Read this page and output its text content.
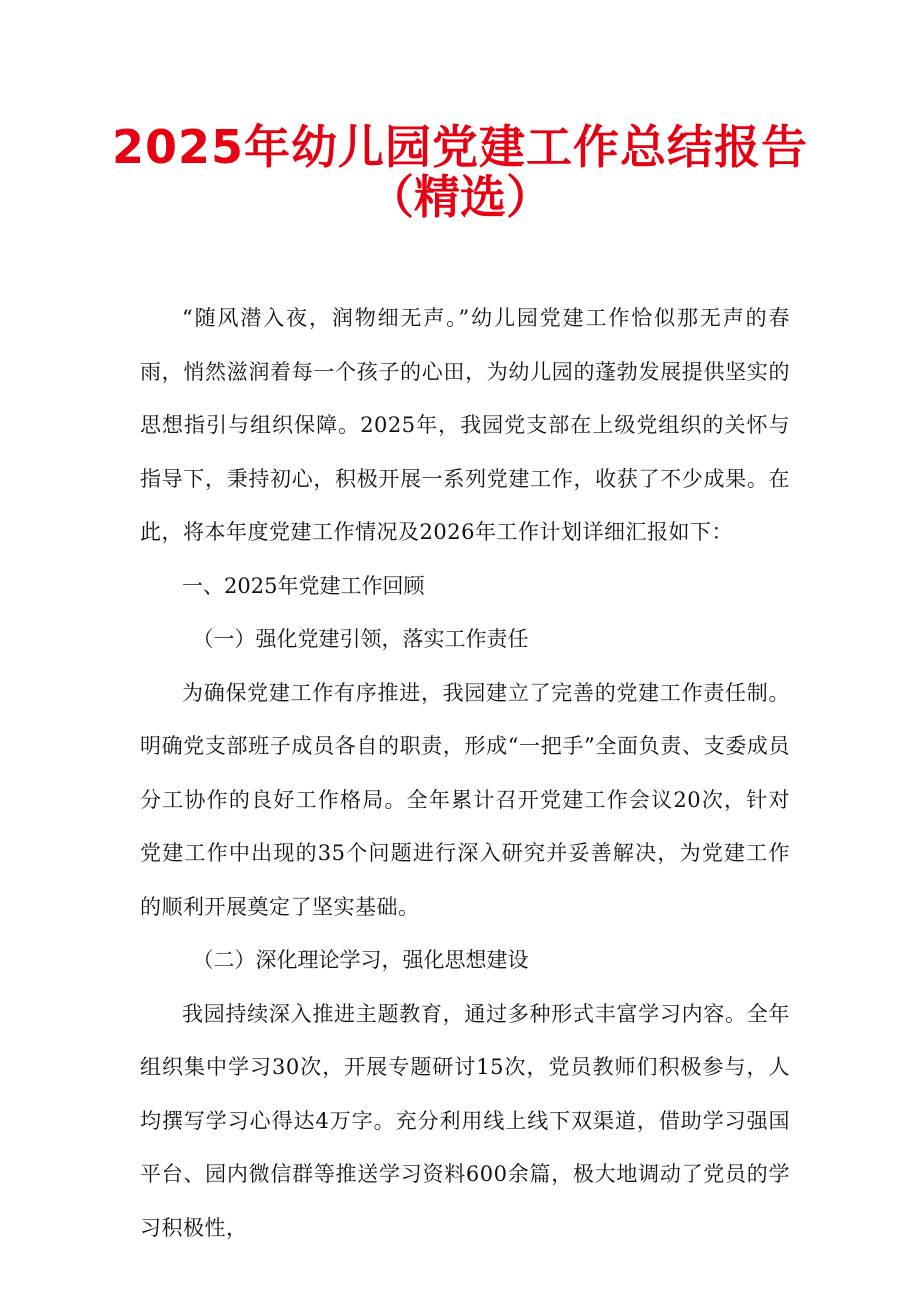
2025年幼儿园党建工作总结报告
（精选）

“随风潜入夜，润物细无声。”幼儿园党建工作恰似那无声的春雨，悄然滋润着每一个孩子的心田，为幼儿园的蓬勃发展提供坚实的思想指引与组织保障。2025年，我园党支部在上级党组织的关怀与指导下，秉持初心，积极开展一系列党建工作，收获了不少成果。在此，将本年度党建工作情况及2026年工作计划详细汇报如下：

一、2025年党建工作回顾

（一）强化党建引领，落实工作责任

为确保党建工作有序推进，我园建立了完善的党建工作责任制。明确党支部班子成员各自的职责，形成“一把手”全面负责、支委成员分工协作的良好工作格局。全年累计召开党建工作会议20次，针对党建工作中出现的35个问题进行深入研究并妥善解决，为党建工作的顺利开展奠定了坚实基础。

（二）深化理论学习，强化思想建设

我园持续深入推进主题教育，通过多种形式丰富学习内容。全年组织集中学习30次，开展专题研讨15次，党员教师们积极参与，人均撰写学习心得达4万字。充分利用线上线下双渠道，借助学习强国平台、园内微信群等推送学习资料600余篇，极大地调动了党员的学习积极性，
